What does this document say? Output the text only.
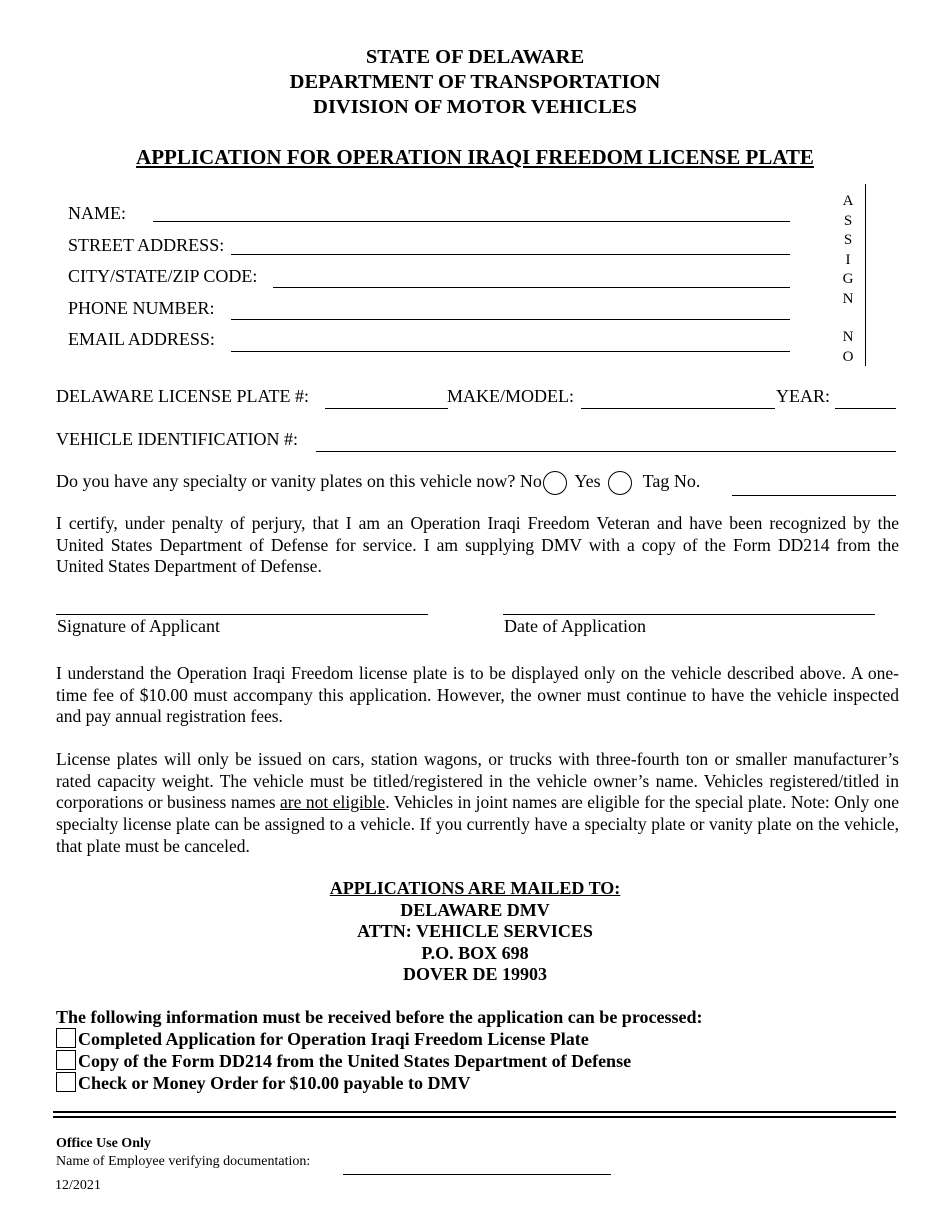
STATE OF DELAWARE
DEPARTMENT OF TRANSPORTATION
DIVISION OF MOTOR VEHICLES
APPLICATION FOR OPERATION IRAQI FREEDOM LICENSE PLATE
NAME:
STREET ADDRESS:
CITY/STATE/ZIP CODE:
PHONE NUMBER:
EMAIL ADDRESS:
A
S
S
I
G
N
N
O
DELAWARE LICENSE PLATE #:	MAKE/MODEL:	YEAR:
VEHICLE IDENTIFICATION #:
Do you have any specialty or vanity plates on this vehicle now? No Yes Tag No.
I certify, under penalty of perjury, that I am an Operation Iraqi Freedom Veteran and have been recognized by the United States Department of Defense for service. I am supplying DMV with a copy of the Form DD214 from the United States Department of Defense.
Signature of Applicant	Date of Application
I understand the Operation Iraqi Freedom license plate is to be displayed only on the vehicle described above. A one-time fee of $10.00 must accompany this application. However, the owner must continue to have the vehicle inspected and pay annual registration fees.
License plates will only be issued on cars, station wagons, or trucks with three-fourth ton or smaller manufacturer’s rated capacity weight. The vehicle must be titled/registered in the vehicle owner’s name. Vehicles registered/titled in corporations or business names are not eligible. Vehicles in joint names are eligible for the special plate. Note: Only one specialty license plate can be assigned to a vehicle. If you currently have a specialty plate or vanity plate on the vehicle, that plate must be canceled.
APPLICATIONS ARE MAILED TO:
DELAWARE DMV
ATTN: VEHICLE SERVICES
P.O. BOX 698
DOVER DE 19903
The following information must be received before the application can be processed:
Completed Application for Operation Iraqi Freedom License Plate
Copy of the Form DD214 from the United States Department of Defense
Check or Money Order for $10.00 payable to DMV
Office Use Only
Name of Employee verifying documentation:
12/2021
